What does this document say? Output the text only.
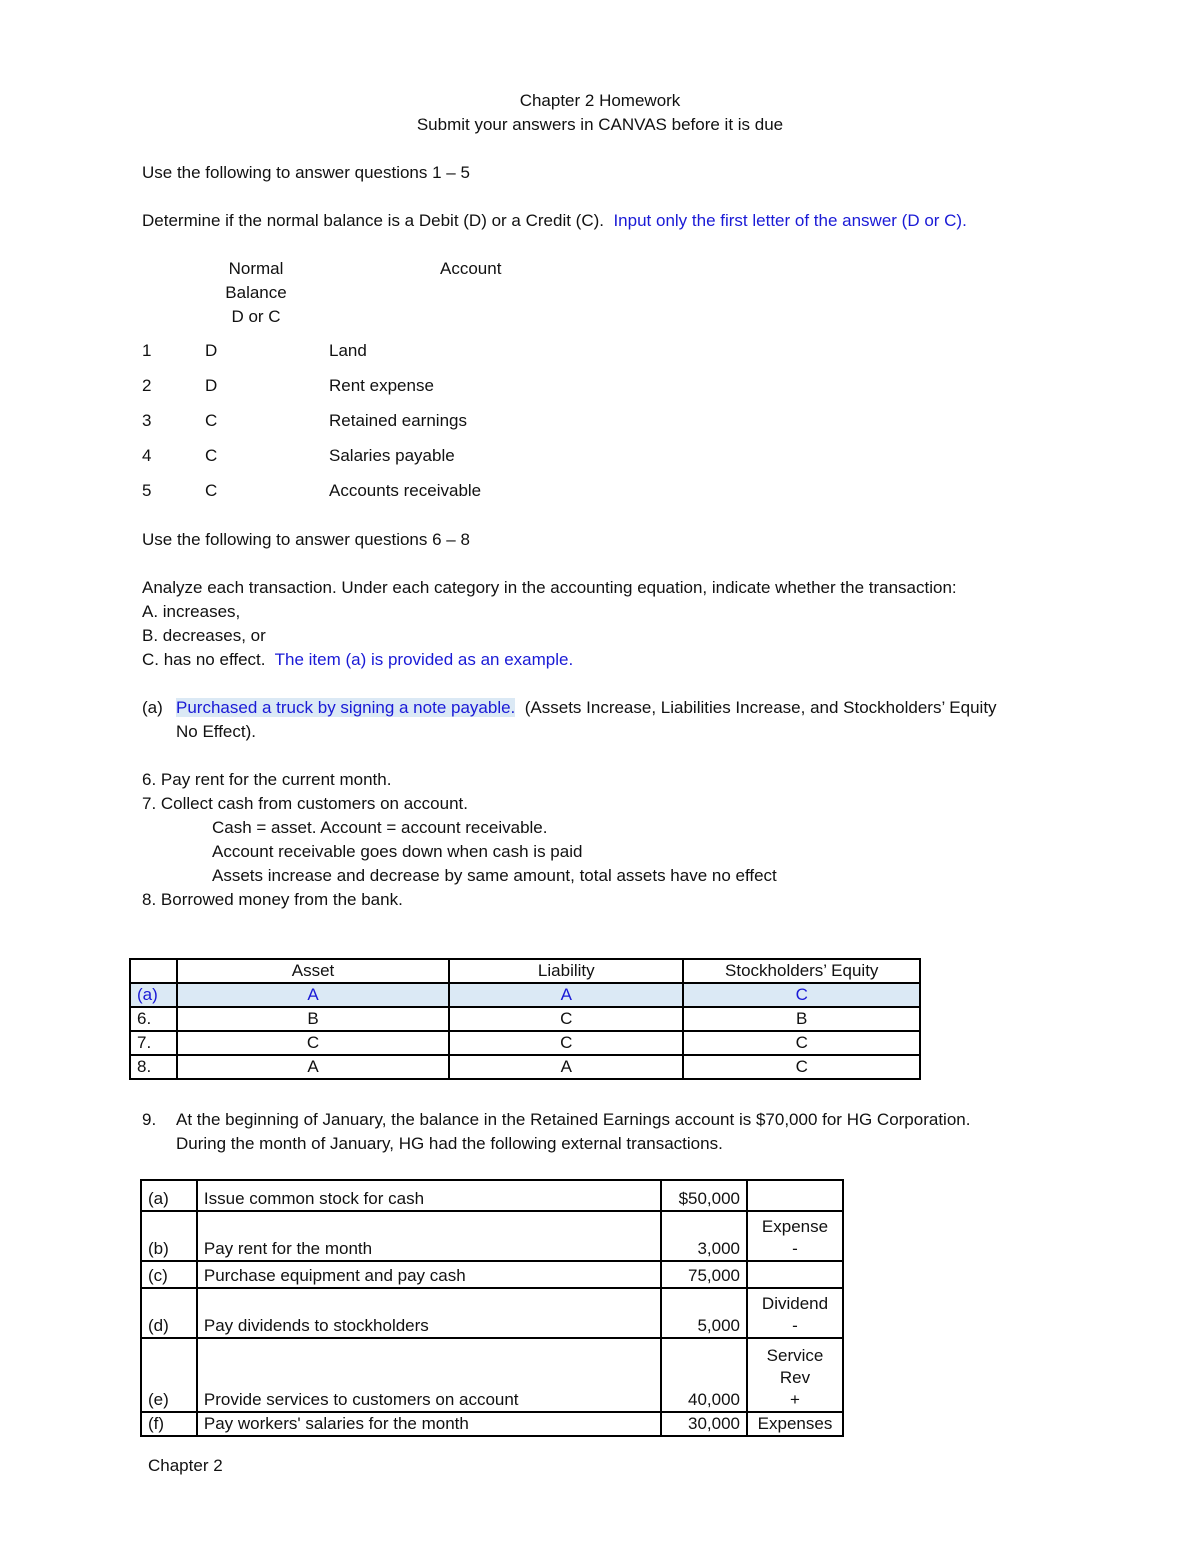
Chapter 2 Homework
Submit your answers in CANVAS before it is due
Use the following to answer questions 1 – 5
Determine if the normal balance is a Debit (D) or a Credit (C). Input only the first letter of the answer (D or C).
Normal
Balance
D or C
Account
1	D	Land
2	D	Rent expense
3	C	Retained earnings
4	C	Salaries payable
5	C	Accounts receivable
Use the following to answer questions 6 – 8
Analyze each transaction. Under each category in the accounting equation, indicate whether the transaction:
A. increases,
B. decreases, or
C. has no effect. The item (a) is provided as an example.
(a) Purchased a truck by signing a note payable. (Assets Increase, Liabilities Increase, and Stockholders’ Equity
No Effect).
6. Pay rent for the current month.
7. Collect cash from customers on account.
Cash = asset. Account = account receivable.
Account receivable goes down when cash is paid
Assets increase and decrease by same amount, total assets have no effect
8. Borrowed money from the bank.
	Asset	Liability	Stockholders’ Equity
(a)	A	A	C
6.	B	C	B
7.	C	C	C
8.	A	A	C
9. At the beginning of January, the balance in the Retained Earnings account is $70,000 for HG Corporation.
During the month of January, HG had the following external transactions.
(a)	Issue common stock for cash	$50,000	
(b)	Pay rent for the month	3,000	Expense
-

(c)	Purchase equipment and pay cash	75,000	
(d)	Pay dividends to stockholders	5,000	Dividend
-

(e)	Provide services to customers on account	40,000	Service
Rev
+

(f)	Pay workers' salaries for the month	30,000	Expenses
Chapter 2
